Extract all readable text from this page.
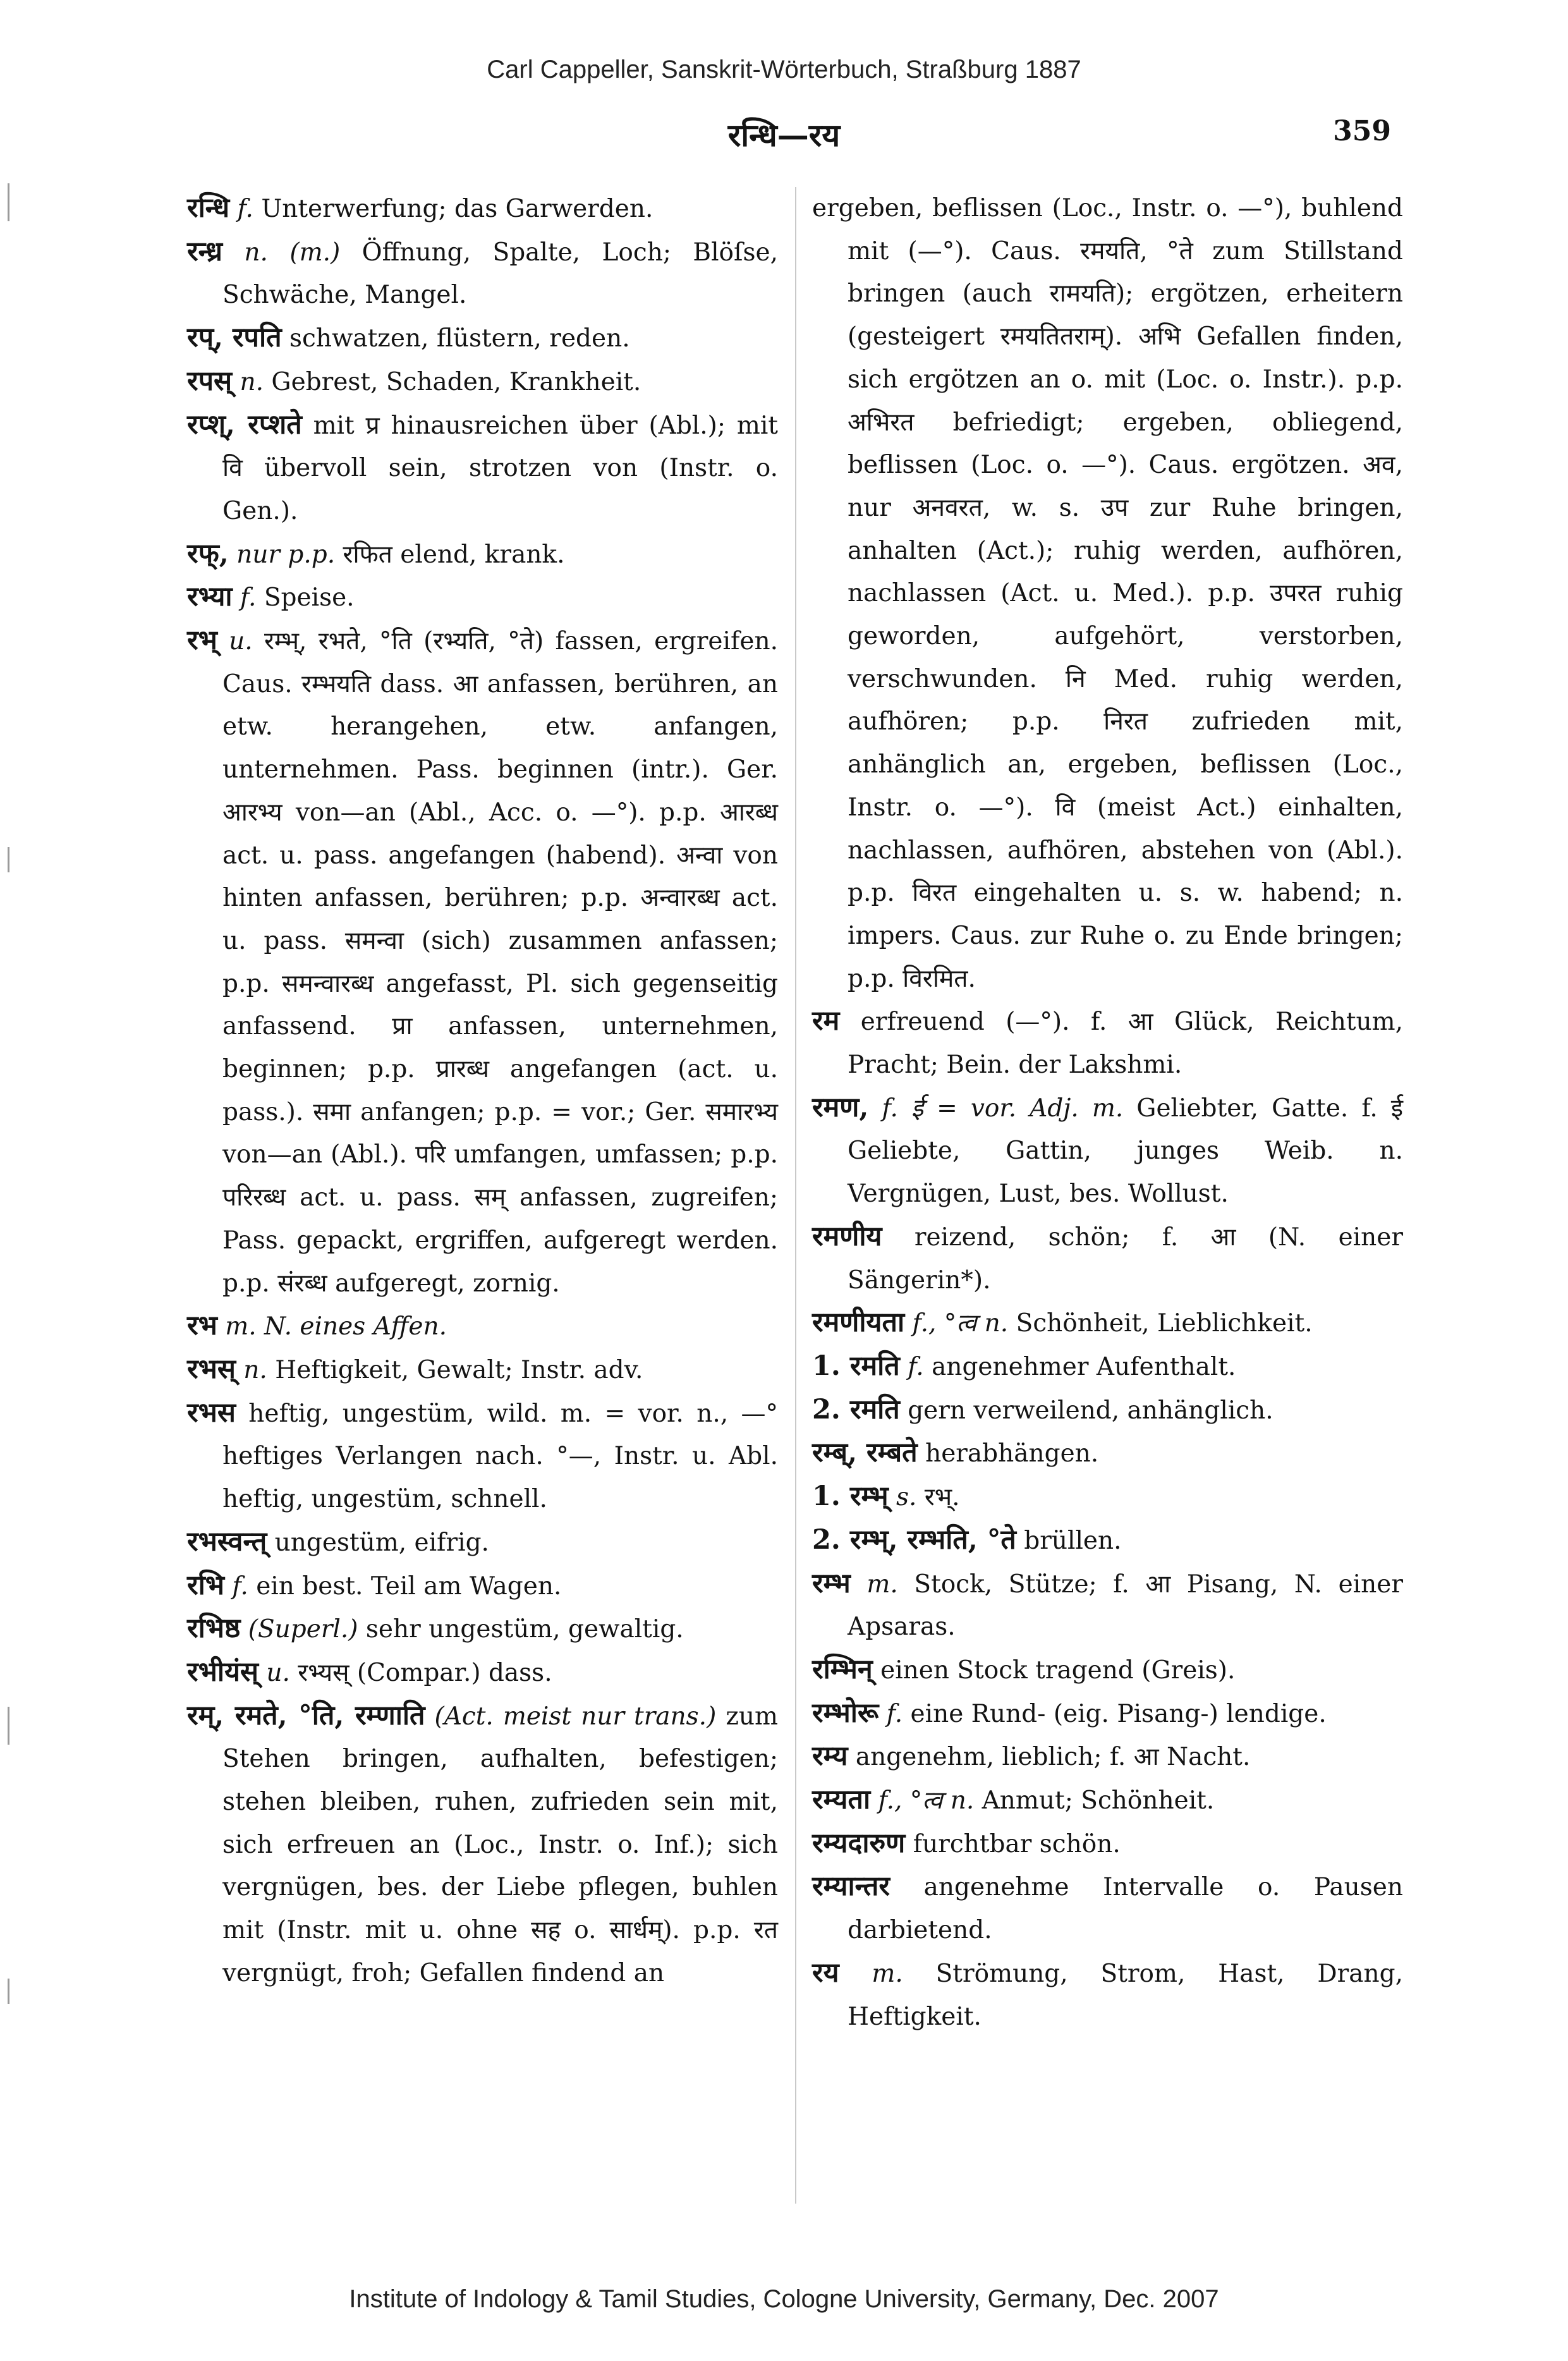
Carl Cappeller, Sanskrit-Wörterbuch, Straßburg 1887
रन्धि—रय	359

रन्धि f. Unterwerfung; das Garwerden.

रन्ध्र n. (m.) Öffnung, Spalte, Loch; Blöſse, Schwäche, Mangel.

रप्, रपति schwatzen, flüstern, reden.

रपस् n. Gebrest, Schaden, Krankheit.

रप्श्, रप्शते mit प्र hinausreichen über (Abl.); mit वि übervoll sein, strotzen von (Instr. o. Gen.).

रफ्, nur p.p. रफित elend, krank.

रभ्या f. Speise.

रभ् u. रम्भ्, रभते, °ति (रभ्यति, °ते) fassen, ergreifen. Caus. रम्भयति dass. आ anfassen, berühren, an etw. herangehen, etw. anfangen, unternehmen. Pass. beginnen (intr.). Ger. आरभ्य von—an (Abl., Acc. o. —°). p.p. आरब्ध act. u. pass. angefangen (habend). अन्वा von hinten anfassen, berühren; p.p. अन्वारब्ध act. u. pass. समन्वा (sich) zusammen anfassen; p.p. समन्वारब्ध angefasst, Pl. sich gegenseitig anfassend. प्रा anfassen, unternehmen, beginnen; p.p. प्रारब्ध angefangen (act. u. pass.). समा anfangen; p.p. = vor.; Ger. समारभ्य von—an (Abl.). परि umfangen, umfassen; p.p. परिरब्ध act. u. pass. सम् anfassen, zugreifen; Pass. gepackt, ergriffen, aufgeregt werden. p.p. संरब्ध aufgeregt, zornig.

रभ m. N. eines Affen.

रभस् n. Heftigkeit, Gewalt; Instr. adv.

रभस heftig, ungestüm, wild. m. = vor. n., —° heftiges Verlangen nach. °—, Instr. u. Abl. heftig, ungestüm, schnell.

रभस्वन्त् ungestüm, eifrig.

रभि f. ein best. Teil am Wagen.

रभिष्ठ (Superl.) sehr ungestüm, gewaltig.

रभीयंस् u. रभ्यस् (Compar.) dass.

रम्, रमते, °ति, रम्णाति (Act. meist nur trans.) zum Stehen bringen, aufhalten, befestigen; stehen bleiben, ruhen, zufrieden sein mit, sich erfreuen an (Loc., Instr. o. Inf.); sich vergnügen, bes. der Liebe pflegen, buhlen mit (Instr. mit u. ohne सह o. सार्धम्). p.p. रत vergnügt, froh; Gefallen findend an

ergeben, beflissen (Loc., Instr. o. —°), buhlend mit (—°). Caus. रमयति, °ते zum Stillstand bringen (auch रामयति); ergötzen, erheitern (gesteigert रमयतितराम्). अभि Gefallen finden, sich ergötzen an o. mit (Loc. o. Instr.). p.p. अभिरत befriedigt; ergeben, obliegend, beflissen (Loc. o. —°). Caus. ergötzen. अव, nur अनवरत, w. s. उप zur Ruhe bringen, anhalten (Act.); ruhig werden, aufhören, nachlassen (Act. u. Med.). p.p. उपरत ruhig geworden, aufgehört, verstorben, verschwunden. नि Med. ruhig werden, aufhören; p.p. निरत zufrieden mit, anhänglich an, ergeben, beflissen (Loc., Instr. o. —°). वि (meist Act.) einhalten, nachlassen, aufhören, abstehen von (Abl.). p.p. विरत eingehalten u. s. w. habend; n. impers. Caus. zur Ruhe o. zu Ende bringen; p.p. विरमित.

रम erfreuend (—°). f. आ Glück, Reichtum, Pracht; Bein. der Lakshmi.

रमण, f. ई = vor. Adj. m. Geliebter, Gatte. f. ई Geliebte, Gattin, junges Weib. n. Vergnügen, Lust, bes. Wollust.

रमणीय reizend, schön; f. आ (N. einer Sängerin*).

रमणीयता f., °त्व n. Schönheit, Lieblichkeit.

1. रमति f. angenehmer Aufenthalt.

2. रमति gern verweilend, anhänglich.

रम्ब्, रम्बते herabhängen.

1. रम्भ् s. रभ्.

2. रम्भ्, रम्भति, °ते brüllen.

रम्भ m. Stock, Stütze; f. आ Pisang, N. einer Apsaras.

रम्भिन् einen Stock tragend (Greis).

रम्भोरू f. eine Rund- (eig. Pisang-) lendige.

रम्य angenehm, lieblich; f. आ Nacht.

रम्यता f., °त्व n. Anmut; Schönheit.

रम्यदारुण furchtbar schön.

रम्यान्तर angenehme Intervalle o. Pausen darbietend.

रय m. Strömung, Strom, Hast, Drang, Heftigkeit.

Institute of Indology & Tamil Studies, Cologne University, Germany, Dec. 2007
